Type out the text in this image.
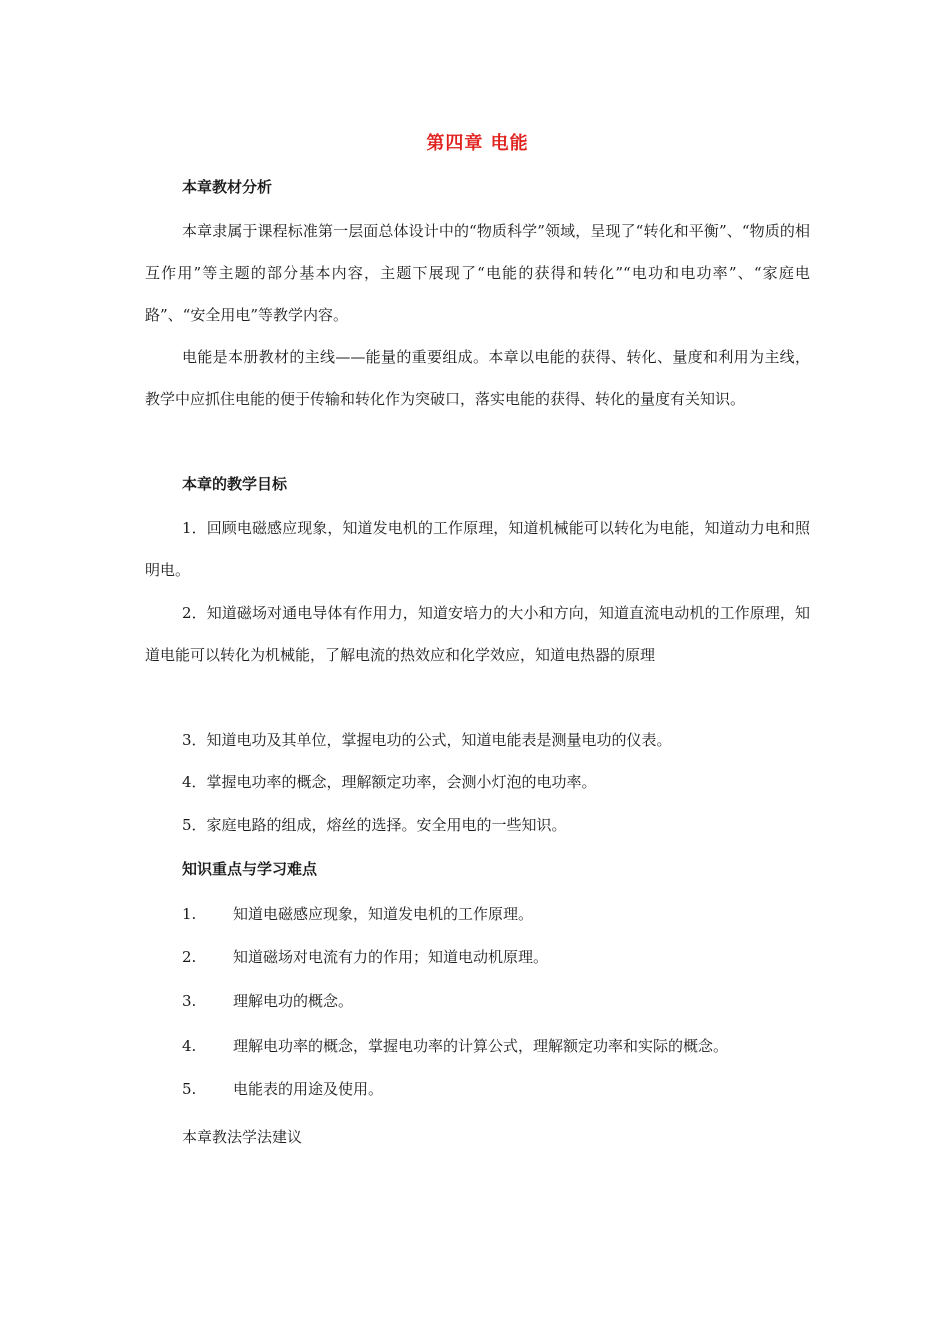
第四章 电能
本章教材分析

本章隶属于课程标准第一层面总体设计中的“物质科学”领域，呈现了“转化和平衡”、“物质的相互作用”等主题的部分基本内容，主题下展现了“电能的获得和转化”“电功和电功率”、“家庭电路”、“安全用电”等教学内容。

电能是本册教材的主线——能量的重要组成。本章以电能的获得、转化、量度和利用为主线，教学中应抓住电能的便于传输和转化作为突破口，落实电能的获得、转化的量度有关知识。

本章的教学目标

1．回顾电磁感应现象，知道发电机的工作原理，知道机械能可以转化为电能，知道动力电和照明电。

2．知道磁场对通电导体有作用力，知道安培力的大小和方向，知道直流电动机的工作原理，知道电能可以转化为机械能，了解电流的热效应和化学效应，知道电热器的原理

3．知道电功及其单位，掌握电功的公式，知道电能表是测量电功的仪表。
4．掌握电功率的概念，理解额定功率，会测小灯泡的电功率。
5．家庭电路的组成，熔丝的选择。安全用电的一些知识。
知识重点与学习难点
1. 知道电磁感应现象，知道发电机的工作原理。
2. 知道磁场对电流有力的作用；知道电动机原理。
3. 理解电功的概念。
4. 理解电功率的概念，掌握电功率的计算公式，理解额定功率和实际的概念。
5. 电能表的用途及使用。
本章教法学法建议
